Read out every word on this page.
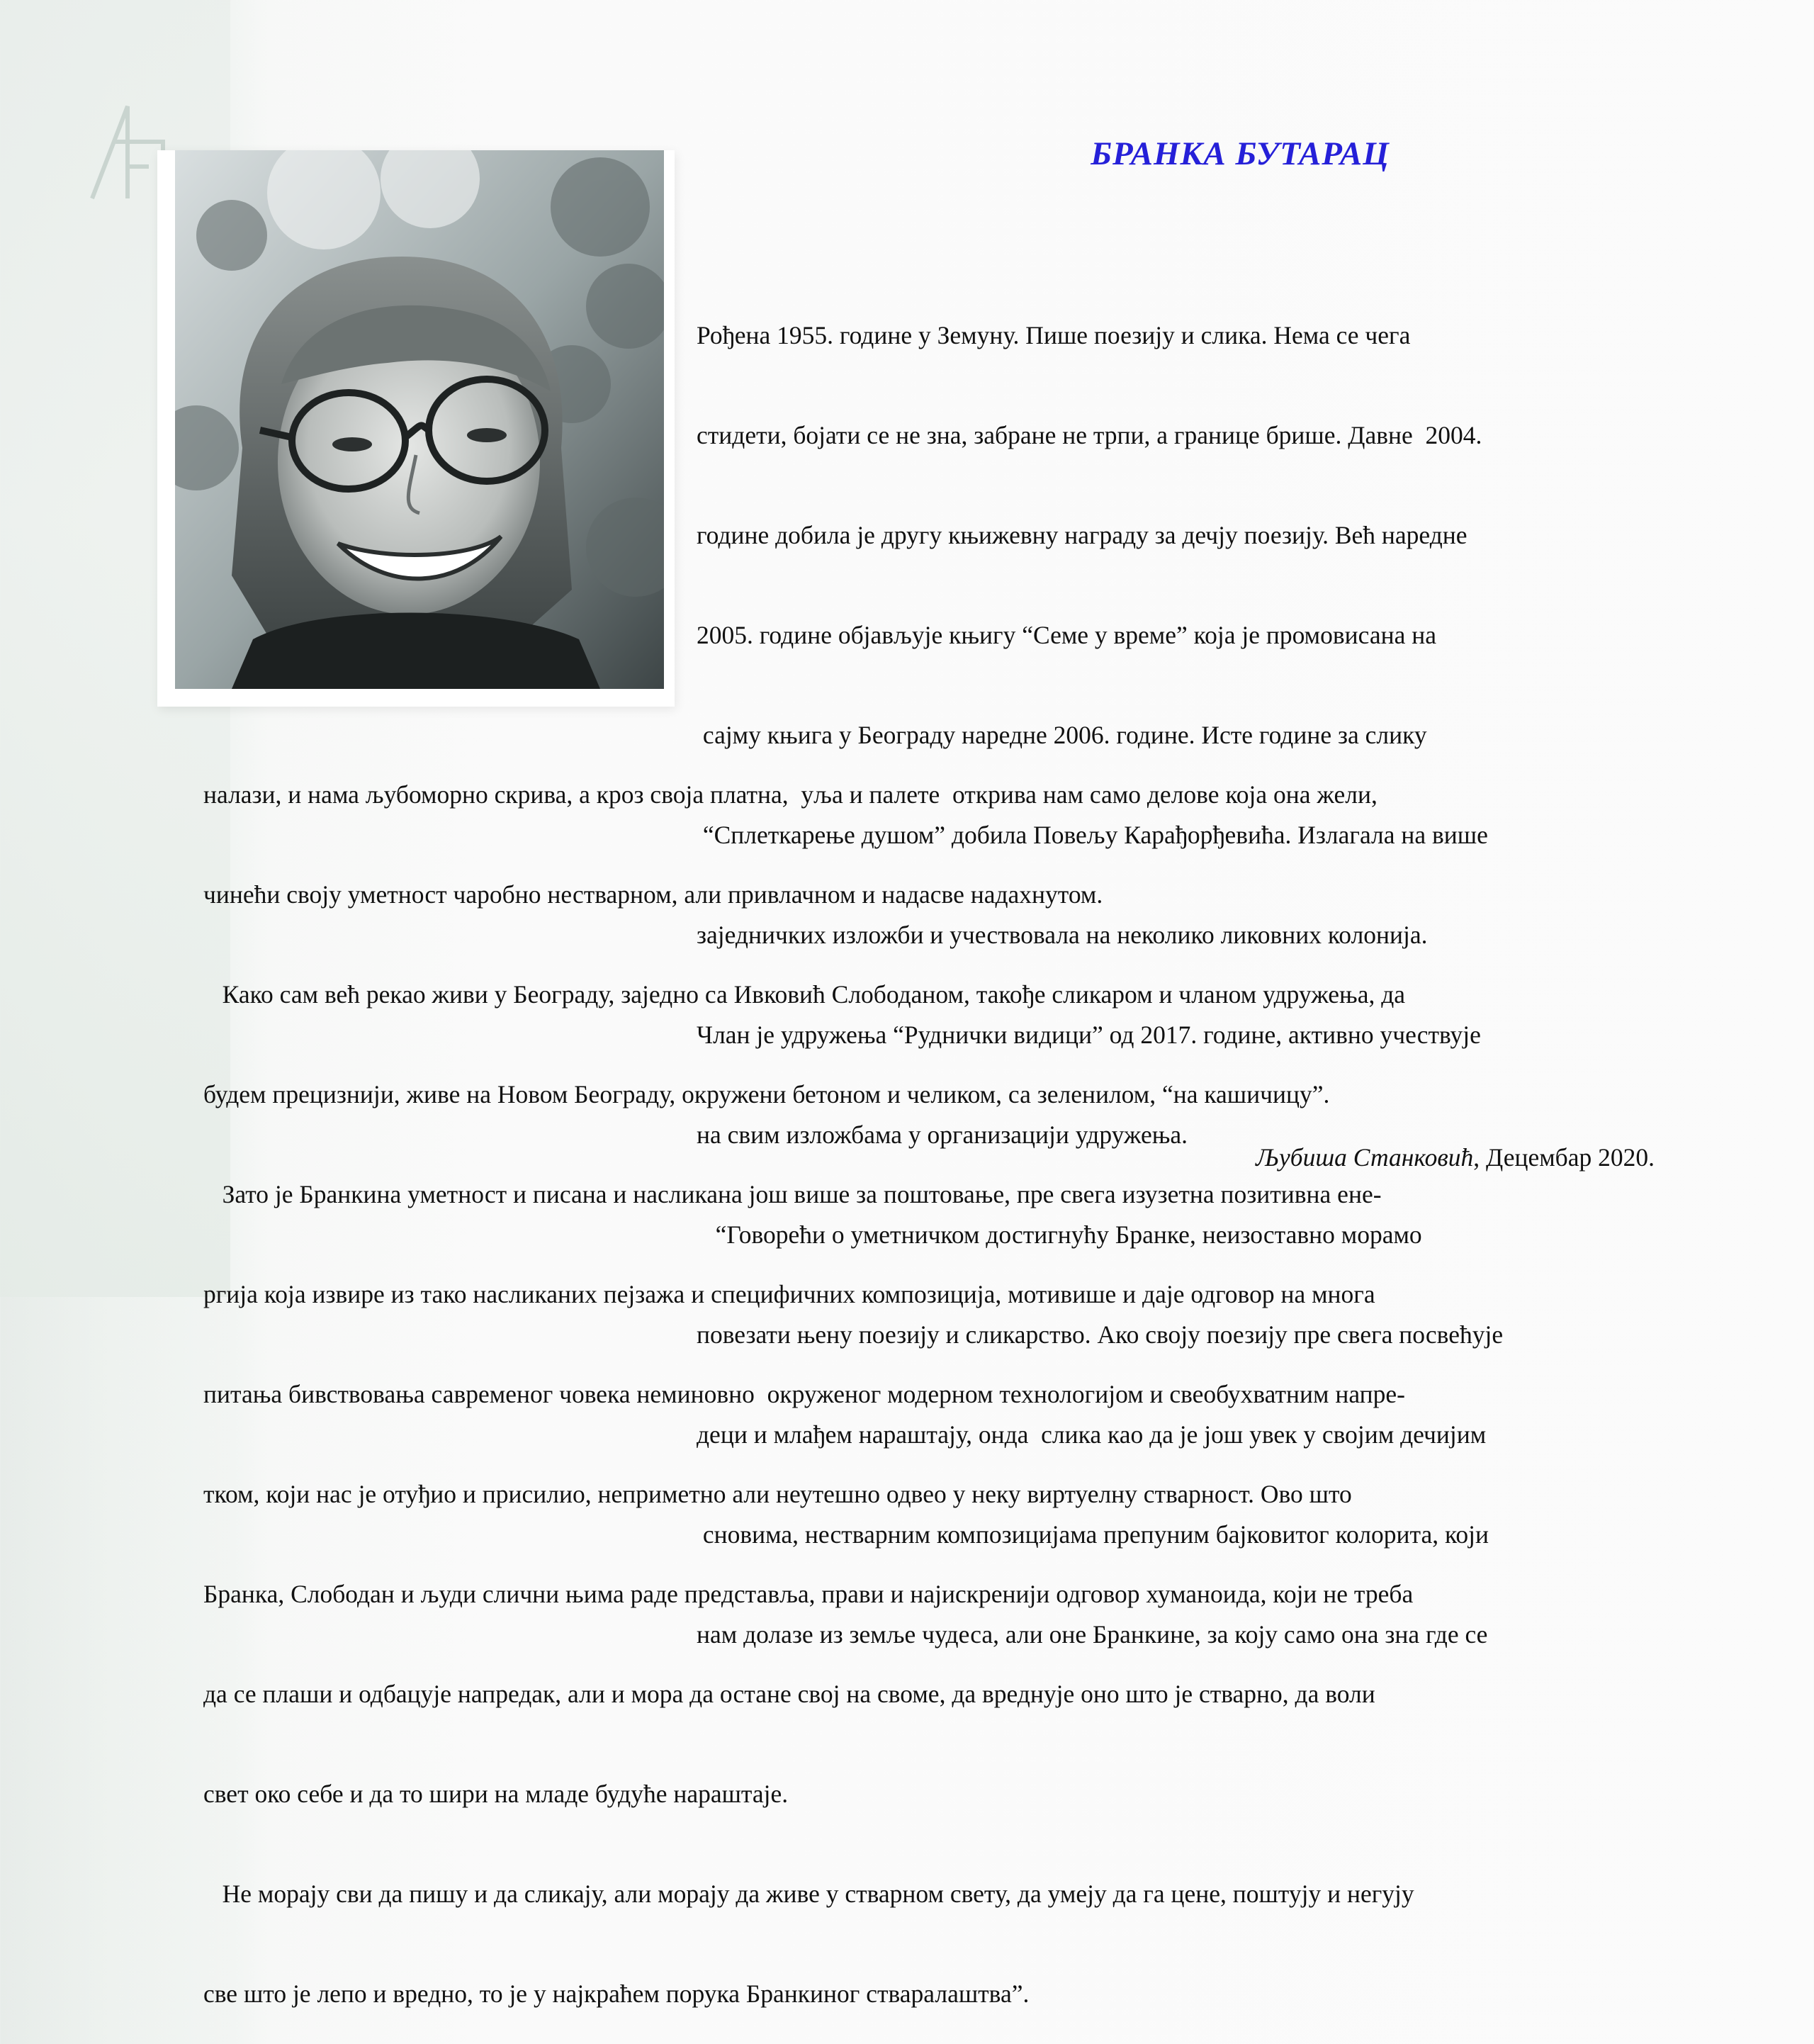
БРАНКА БУТАРАЦ

Рођена 1955. године у Земуну. Пише поезију и слика. Нема се чега

стидети, бојати се не зна, забране не трпи, а границе брише. Давне  2004.

године добила је другу књижевну награду за дечју поезију. Већ наредне

2005. године објављује књигу “Семе у време” која је промовисана на

сајму књига у Београду наредне 2006. године. Исте године за слику

“Сплеткарење душом” добила Повељу Карађорђевића. Излагала на више

заједничких изложби и учествовала на неколико ликовних колонија.

Члан је удружења “Руднички видици” од 2017. године, активно учествује

на свим изложбама у организацији удружења.

“Говорећи о уметничком достигнућу Бранке, неизоставно морамо

повезати њену поезију и сликарство. Ако своју поезију пре свега посвећује

деци и млађем нараштају, онда  слика као да је још увек у својим дечијим

сновима, нестварним композицијама препуним бајковитог колорита, који

нам долазе из земље чудеса, али оне Бранкине, за коју само она зна где се

налази, и нама љубоморно скрива, а кроз своја платна,  уља и палете  открива нам само делове која она жели,

чинећи своју уметност чаробно нестварном, али привлачном и надасве надахнутом.

Како сам већ рекао живи у Београду, заједно са Ивковић Слободаном, такође сликаром и чланом удружења, да

будем прецизнији, живе на Новом Београду, окружени бетоном и челиком, са зеленилом, “на кашичицу”.

Зато је Бранкина уметност и писана и насликана још више за поштовање, пре свега изузетна позитивна ене-

ргија која извире из тако насликаних пејзажа и специфичних композиција, мотивише и даје одговор на многа

питања бивствовања савременог човека неминовно  окруженог модерном технологијом и свеобухватним напре-

тком, који нас је отуђио и присилио, неприметно али неутешно одвео у неку виртуелну стварност. Ово што

Бранка, Слободан и људи слични њима раде представља, прави и најискренији одговор хуманоида, који не треба

да се плаши и одбацује напредак, али и мора да остане свој на своме, да вреднује оно што је стварно, да воли

свет око себе и да то шири на младе будуће нараштаје.

Не морају сви да пишу и да сликају, али морају да живе у стварном свету, да умеју да га цене, поштују и негују

све што је лепо и вредно, то је у најкраћем порука Бранкиног стваралаштва”.

Љубиша Станковић, Децембар 2020.
